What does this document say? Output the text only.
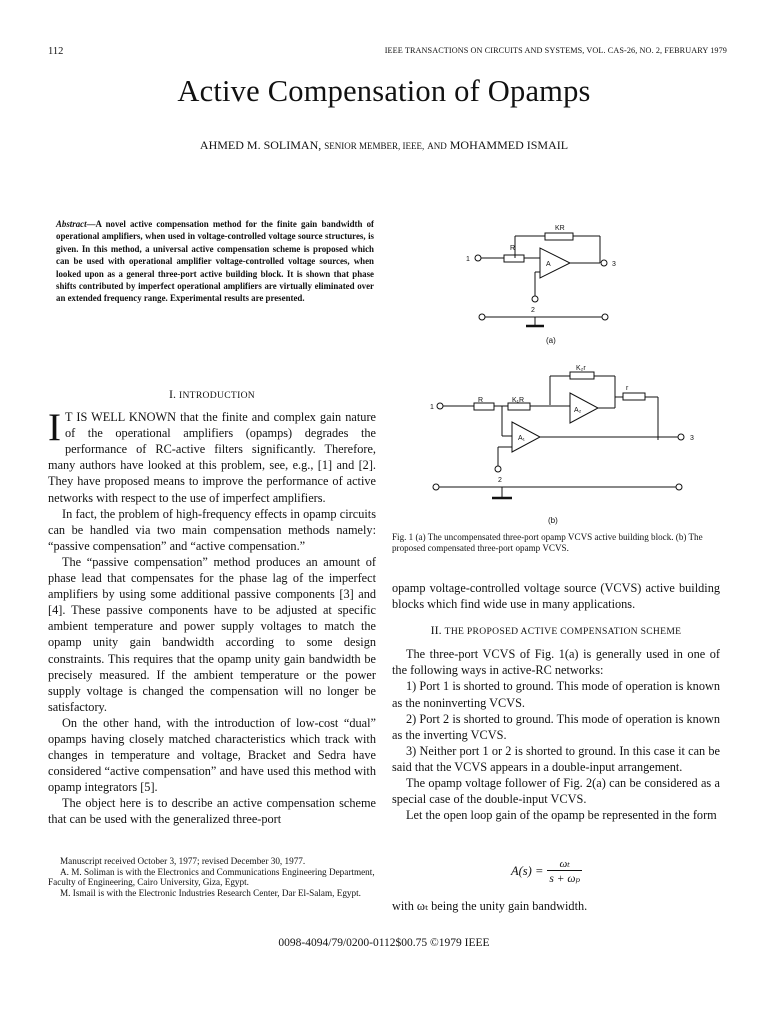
112	IEEE TRANSACTIONS ON CIRCUITS AND SYSTEMS, VOL. CAS-26, NO. 2, FEBRUARY 1979
Active Compensation of Opamps
AHMED M. SOLIMAN, SENIOR MEMBER, IEEE, AND MOHAMMED ISMAIL
Abstract—A novel active compensation method for the finite gain bandwidth of operational amplifiers, when used in voltage-controlled voltage source structures, is given. In this method, a universal active compensation scheme is proposed which can be used with operational amplifier voltage-controlled voltage sources, when looked upon as a general three-port active building block. It is shown that phase shifts contributed by imperfect operational amplifiers are virtually eliminated over an extended frequency range. Experimental results are presented.
KR
R
1
A	3
2
(a)
K₂r
r
1
R	K₁R
A₂
A₁	3
2
(b)
Fig. 1 (a) The uncompensated three-port opamp VCVS active building block. (b) The proposed compensated three-port opamp VCVS.
I. INTRODUCTION

I T IS WELL KNOWN that the finite and complex gain nature of the operational amplifiers (opamps) degrades the performance of RC-active filters significantly. Therefore, many authors have looked at this problem, see, e.g., [1] and [2]. They have proposed means to improve the performance of active networks with respect to the use of imperfect amplifiers.

In fact, the problem of high-frequency effects in opamp circuits can be handled via two main compensation methods namely: “passive compensation” and “active compensation.”

The “passive compensation” method produces an amount of phase lead that compensates for the phase lag of the imperfect amplifiers by using some additional passive components [3] and [4]. These passive components have to be adjusted at specific ambient temperature and power supply voltages to match the opamp unity gain bandwidth according to some design constraints. This requires that the opamp unity gain bandwidth be precisely measured. If the ambient temperature or the power supply voltage is changed the compensation will no longer be satisfactory.

On the other hand, with the introduction of low-cost “dual” opamps having closely matched characteristics which track with changes in temperature and voltage, Bracket and Sedra have considered “active compensation” and have used this method with opamp integrators [5].

The object here is to describe an active compensation scheme that can be used with the generalized three-port

Manuscript received October 3, 1977; revised December 30, 1977.

A. M. Soliman is with the Electronics and Communications Engineering Department, Faculty of Engineering, Cairo University, Giza, Egypt.

M. Ismail is with the Electronic Industries Research Center, Dar El-Salam, Egypt.

opamp voltage-controlled voltage source (VCVS) active building blocks which find wide use in many applications.

II. THE PROPOSED ACTIVE COMPENSATION SCHEME

The three-port VCVS of Fig. 1(a) is generally used in one of the following ways in active-RC networks:

1) Port 1 is shorted to ground. This mode of operation is known as the noninverting VCVS.

2) Port 2 is shorted to ground. This mode of operation is known as the inverting VCVS.

3) Neither port 1 or 2 is shorted to ground. In this case it can be said that the VCVS appears in a double-input arrangement.

The opamp voltage follower of Fig. 2(a) can be considered as a special case of the double-input VCVS.

Let the open loop gain of the opamp be represented in the form

A(s) =	ωₜ
s + ωₚ

with ωₜ being the unity gain bandwidth.

0098-4094/79/0200-0112$00.75 ©1979 IEEE
